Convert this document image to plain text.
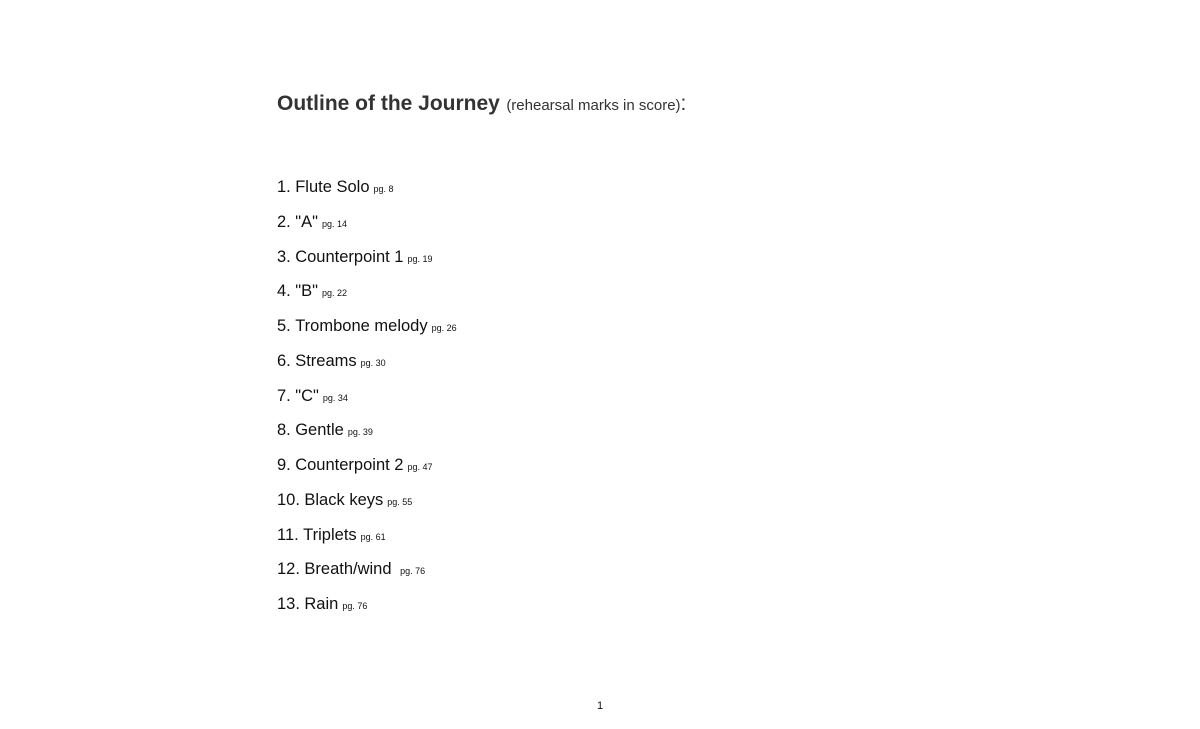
Outline of the Journey (rehearsal marks in score):
1. Flute Solo pg. 8
2. "A" pg. 14
3. Counterpoint 1 pg. 19
4. "B" pg. 22
5. Trombone melody pg. 26
6. Streams pg. 30
7. "C" pg. 34
8. Gentle pg. 39
9. Counterpoint 2 pg. 47
10. Black keys pg. 55
11. Triplets pg. 61
12. Breath/wind pg. 76
13. Rain pg. 76
1
